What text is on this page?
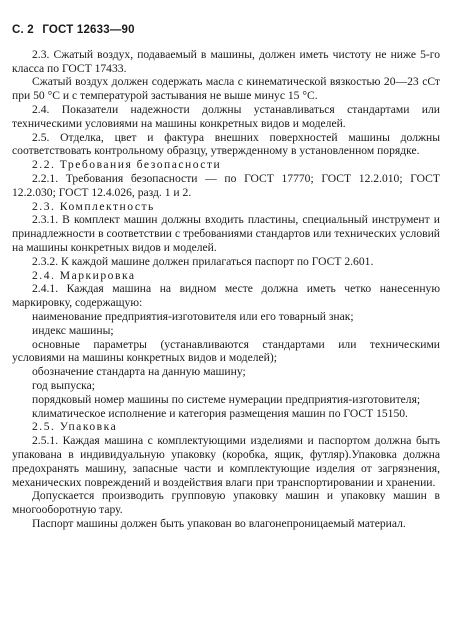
С. 2 ГОСТ 12633—90

2.3. Сжатый воздух, подаваемый в машины, должен иметь чистоту не ниже 5-го класса по ГОСТ 17433.

Сжатый воздух должен содержать масла с кинематической вязкостью 20—23 сСт при 50 °С и с температурой застывания не выше минус 15 °С.

2.4. Показатели надежности должны устанавливаться стандартами или техническими условиями на машины конкретных видов и моделей.

2.5. Отделка, цвет и фактура внешних поверхностей машины должны соответствовать контрольному образцу, утвержденному в установленном порядке.

2.2. Требования безопасности

2.2.1. Требования безопасности — по ГОСТ 17770; ГОСТ 12.2.010; ГОСТ 12.2.030; ГОСТ 12.4.026, разд. 1 и 2.

2.3. Комплектность

2.3.1. В комплект машин должны входить пластины, специальный инструмент и принадлежности в соответствии с требованиями стандартов или технических условий на машины конкретных видов и моделей.

2.3.2. К каждой машине должен прилагаться паспорт по ГОСТ 2.601.

2.4. Маркировка

2.4.1. Каждая машина на видном месте должна иметь четко нанесенную маркировку, содержащую:

наименование предприятия-изготовителя или его товарный знак;

индекс машины;

основные параметры (устанавливаются стандартами или техническими условиями на машины конкретных видов и моделей);

обозначение стандарта на данную машину;

год выпуска;

порядковый номер машины по системе нумерации предприятия-изготовителя;

климатическое исполнение и категория размещения машин по ГОСТ 15150.

2.5. Упаковка

2.5.1. Каждая машина с комплектующими изделиями и паспортом должна быть упакована в индивидуальную упаковку (коробка, ящик, футляр).Упаковка должна предохранять машину, запасные части и комплектующие изделия от загрязнения, механических повреждений и воздействия влаги при транспортировании и хранении.

Допускается производить групповую упаковку машин и упаковку машин в многооборотную тару.

Паспорт машины должен быть упакован во влагонепроницаемый материал.
